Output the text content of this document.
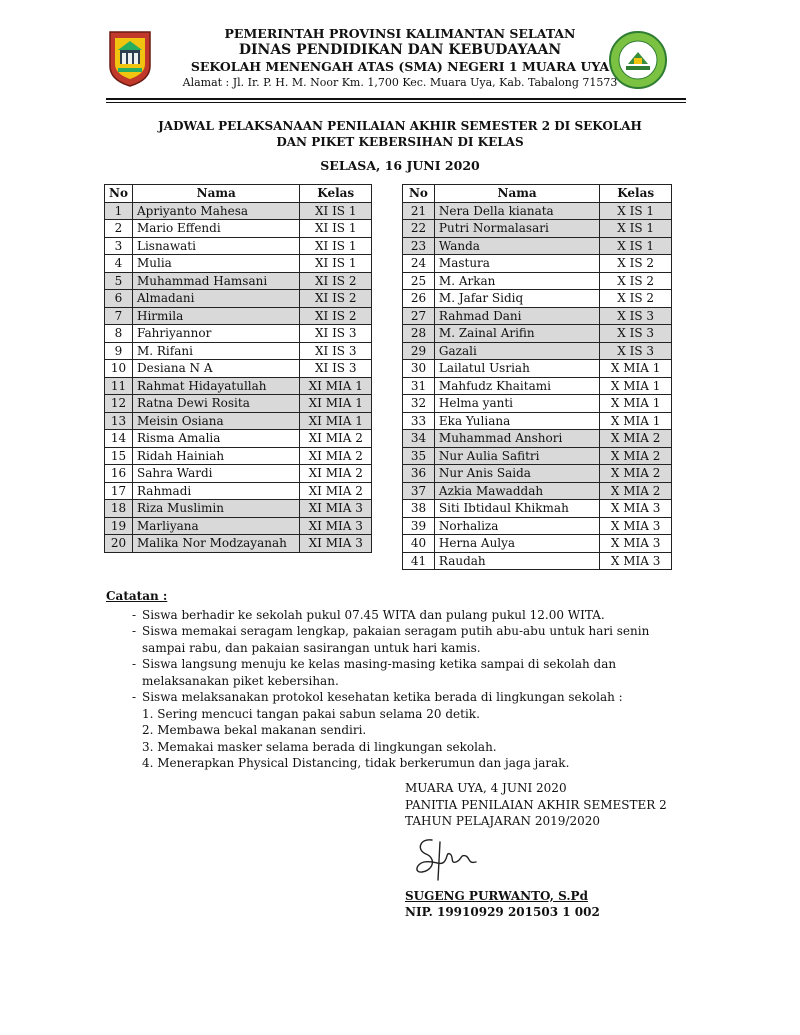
PEMERINTAH PROVINSI KALIMANTAN SELATAN
DINAS PENDIDIKAN DAN KEBUDAYAAN
SEKOLAH MENENGAH ATAS (SMA) NEGERI 1 MUARA UYA
Alamat : Jl. Ir. P. H. M. Noor Km. 1,700 Kec. Muara Uya, Kab. Tabalong 71573
JADWAL PELAKSANAAN PENILAIAN AKHIR SEMESTER 2 DI SEKOLAH
DAN PIKET KEBERSIHAN DI KELAS
SELASA, 16 JUNI 2020
No	Nama	Kelas
1	Apriyanto Mahesa	XI IS 1
2	Mario Effendi	XI IS 1
3	Lisnawati	XI IS 1
4	Mulia	XI IS 1
5	Muhammad Hamsani	XI IS 2
6	Almadani	XI IS 2
7	Hirmila	XI IS 2
8	Fahriyannor	XI IS 3
9	M. Rifani	XI IS 3
10	Desiana N A	XI IS 3
11	Rahmat Hidayatullah	XI MIA 1
12	Ratna Dewi Rosita	XI MIA 1
13	Meisin Osiana	XI MIA 1
14	Risma Amalia	XI MIA 2
15	Ridah Hainiah	XI MIA 2
16	Sahra Wardi	XI MIA 2
17	Rahmadi	XI MIA 2
18	Riza Muslimin	XI MIA 3
19	Marliyana	XI MIA 3
20	Malika Nor Modzayanah	XI MIA 3
No	Nama	Kelas
21	Nera Della kianata	X IS 1
22	Putri Normalasari	X IS 1
23	Wanda	X IS 1
24	Mastura	X IS 2
25	M. Arkan	X IS 2
26	M. Jafar Sidiq	X IS 2
27	Rahmad Dani	X IS 3
28	M. Zainal Arifin	X IS 3
29	Gazali	X IS 3
30	Lailatul Usriah	X MIA 1
31	Mahfudz Khaitami	X MIA 1
32	Helma yanti	X MIA 1
33	Eka Yuliana	X MIA 1
34	Muhammad Anshori	X MIA 2
35	Nur Aulia Safitri	X MIA 2
36	Nur Anis Saida	X MIA 2
37	Azkia Mawaddah	X MIA 2
38	Siti Ibtidaul Khikmah	X MIA 3
39	Norhaliza	X MIA 3
40	Herna Aulya	X MIA 3
41	Raudah	X MIA 3
Catatan :
- Siswa berhadir ke sekolah pukul 07.45 WITA dan pulang pukul 12.00 WITA.
- Siswa memakai seragam lengkap, pakaian seragam putih abu-abu untuk hari senin sampai rabu, dan pakaian sasirangan untuk hari kamis.
- Siswa langsung menuju ke kelas masing-masing ketika sampai di sekolah dan melaksanakan piket kebersihan.
- Siswa melaksanakan protokol kesehatan ketika berada di lingkungan sekolah :
1. Sering mencuci tangan pakai sabun selama 20 detik.
2. Membawa bekal makanan sendiri.
3. Memakai masker selama berada di lingkungan sekolah.
4. Menerapkan Physical Distancing, tidak berkerumun dan jaga jarak.
MUARA UYA, 4 JUNI 2020
PANITIA PENILAIAN AKHIR SEMESTER 2
TAHUN PELAJARAN 2019/2020
SUGENG PURWANTO, S.Pd
NIP. 19910929 201503 1 002
